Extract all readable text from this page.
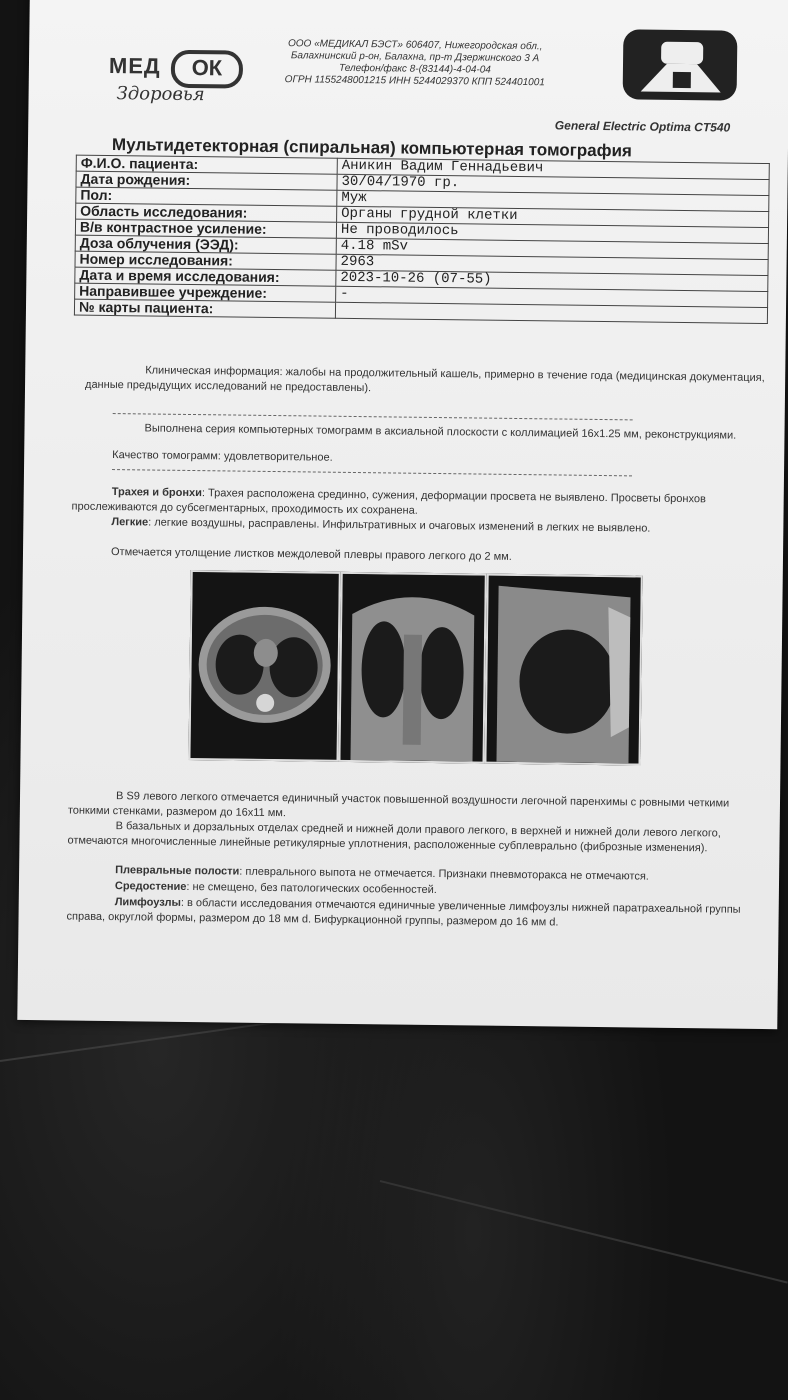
МЕД	ОК
Здоровья
ООО «МЕДИКАЛ БЭСТ» 606407, Нижегородская обл.,
Балахнинский р-он, Балахна, пр-т Дзержинского 3 А
Телефон/факс 8-(83144)-4-04-04
ОГРН 1155248001215 ИНН 5244029370 КПП 524401001
General Electric Optima CT540
Мультидетекторная (спиральная) компьютерная томография
Ф.И.О. пациента:	Аникин Вадим Геннадьевич
Дата рождения:	30/04/1970 гр.
Пол:	Муж
Область исследования:	Органы грудной клетки
В/в контрастное усиление:	Не проводилось
Доза облучения (ЭЭД):	4.18 mSv
Номер исследования:	2963
Дата и время исследования:	2023-10-26 (07-55)
Направившее учреждение:	-
№ карты пациента:	
Клиническая информация: жалобы на продолжительный кашель, примерно в течение года (медицинская документация, данные предыдущих исследований не предоставлены).
Выполнена серия компьютерных томограмм в аксиальной плоскости с коллимацией 16x1.25 мм, реконструкциями.
Качество томограмм: удовлетворительное.
Трахея и бронхи: Трахея расположена срединно, сужения, деформации просвета не выявлено. Просветы бронхов прослеживаются до субсегментарных, проходимость их сохранена.
Легкие: легкие воздушны, расправлены. Инфильтративных и очаговых изменений в легких не выявлено.
Отмечается утолщение листков междолевой плевры правого легкого до 2 мм.
В S9 левого легкого отмечается единичный участок повышенной воздушности легочной паренхимы с ровными четкими тонкими стенками, размером до 16x11 мм.
В базальных и дорзальных отделах средней и нижней доли правого легкого, в верхней и нижней доли левого легкого, отмечаются многочисленные линейные ретикулярные уплотнения, расположенные субплеврально (фиброзные изменения).
Плевральные полости: плеврального выпота не отмечается. Признаки пневмоторакса не отмечаются.
Средостение: не смещено, без патологических особенностей.
Лимфоузлы: в области исследования отмечаются единичные увеличенные лимфоузлы нижней паратрахеальной группы справа, округлой формы, размером до 18 мм d. Бифуркационной группы, размером до 16 мм d.
